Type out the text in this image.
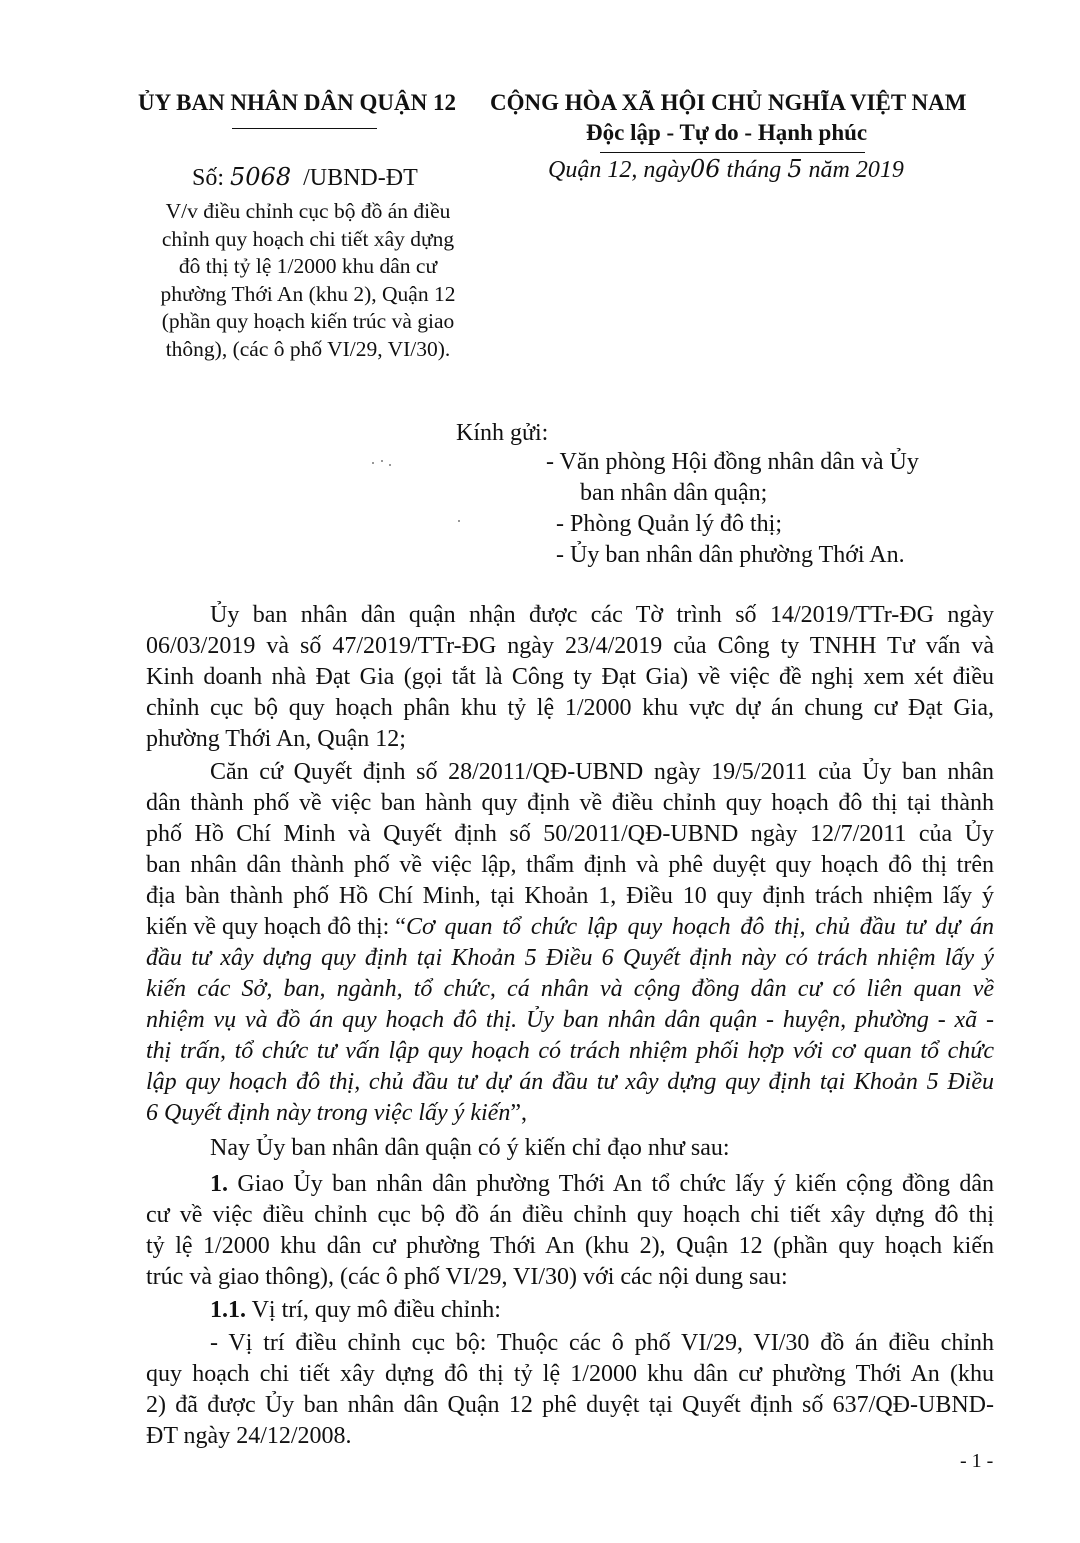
ỦY BAN NHÂN DÂN QUẬN 12 CỘNG HÒA XÃ HỘI CHỦ NGHĨA VIỆT NAM
Độc lập - Tự do - Hạnh phúc
Số: 5068 /UBND-ĐT	Quận 12, ngày06 tháng 5 năm 2019
V/v điều chỉnh cục bộ đồ án điều
chỉnh quy hoạch chi tiết xây dựng
đô thị tỷ lệ 1/2000 khu dân cư
phường Thới An (khu 2), Quận 12
(phần quy hoạch kiến trúc và giao
thông), (các ô phố VI/29, VI/30).
Kính gửi:
- Văn phòng Hội đồng nhân dân và Ủy
ban nhân dân quận;
- Phòng Quản lý đô thị;
- Ủy ban nhân dân phường Thới An.
Ủy ban nhân dân quận nhận được các Tờ trình số 14/2019/TTr-ĐG ngày
06/03/2019 và số 47/2019/TTr-ĐG ngày 23/4/2019 của Công ty TNHH Tư vấn và
Kinh doanh nhà Đạt Gia (gọi tắt là Công ty Đạt Gia) về việc đề nghị xem xét điều
chỉnh cục bộ quy hoạch phân khu tỷ lệ 1/2000 khu vực dự án chung cư Đạt Gia,
phường Thới An, Quận 12;
Căn cứ Quyết định số 28/2011/QĐ-UBND ngày 19/5/2011 của Ủy ban nhân
dân thành phố về việc ban hành quy định về điều chỉnh quy hoạch đô thị tại thành
phố Hồ Chí Minh và Quyết định số 50/2011/QĐ-UBND ngày 12/7/2011 của Ủy
ban nhân dân thành phố về việc lập, thẩm định và phê duyệt quy hoạch đô thị trên
địa bàn thành phố Hồ Chí Minh, tại Khoản 1, Điều 10 quy định trách nhiệm lấy ý
kiến về quy hoạch đô thị: “ Cơ quan tổ chức lập quy hoạch đô thị, chủ đầu tư dự án
đầu tư xây dựng quy định tại Khoản 5 Điều 6 Quyết định này có trách nhiệm lấy ý
kiến các Sở, ban, ngành, tổ chức, cá nhân và cộng đồng dân cư có liên quan về
nhiệm vụ và đồ án quy hoạch đô thị. Ủy ban nhân dân quận - huyện, phường - xã -
thị trấn, tổ chức tư vấn lập quy hoạch có trách nhiệm phối hợp với cơ quan tổ chức
lập quy hoạch đô thị, chủ đầu tư dự án đầu tư xây dựng quy định tại Khoản 5 Điều
6 Quyết định này trong việc lấy ý kiến”,
Nay Ủy ban nhân dân quận có ý kiến chỉ đạo như sau:
1. Giao Ủy ban nhân dân phường Thới An tổ chức lấy ý kiến cộng đồng dân
cư về việc điều chỉnh cục bộ đồ án điều chỉnh quy hoạch chi tiết xây dựng đô thị
tỷ lệ 1/2000 khu dân cư phường Thới An (khu 2), Quận 12 (phần quy hoạch kiến
trúc và giao thông), (các ô phố VI/29, VI/30) với các nội dung sau:
1.1. Vị trí, quy mô điều chỉnh:
- Vị trí điều chỉnh cục bộ: Thuộc các ô phố VI/29, VI/30 đồ án điều chỉnh
quy hoạch chi tiết xây dựng đô thị tỷ lệ 1/2000 khu dân cư phường Thới An (khu
2) đã được Ủy ban nhân dân Quận 12 phê duyệt tại Quyết định số 637/QĐ-UBND-
ĐT ngày 24/12/2008.
- 1 -
